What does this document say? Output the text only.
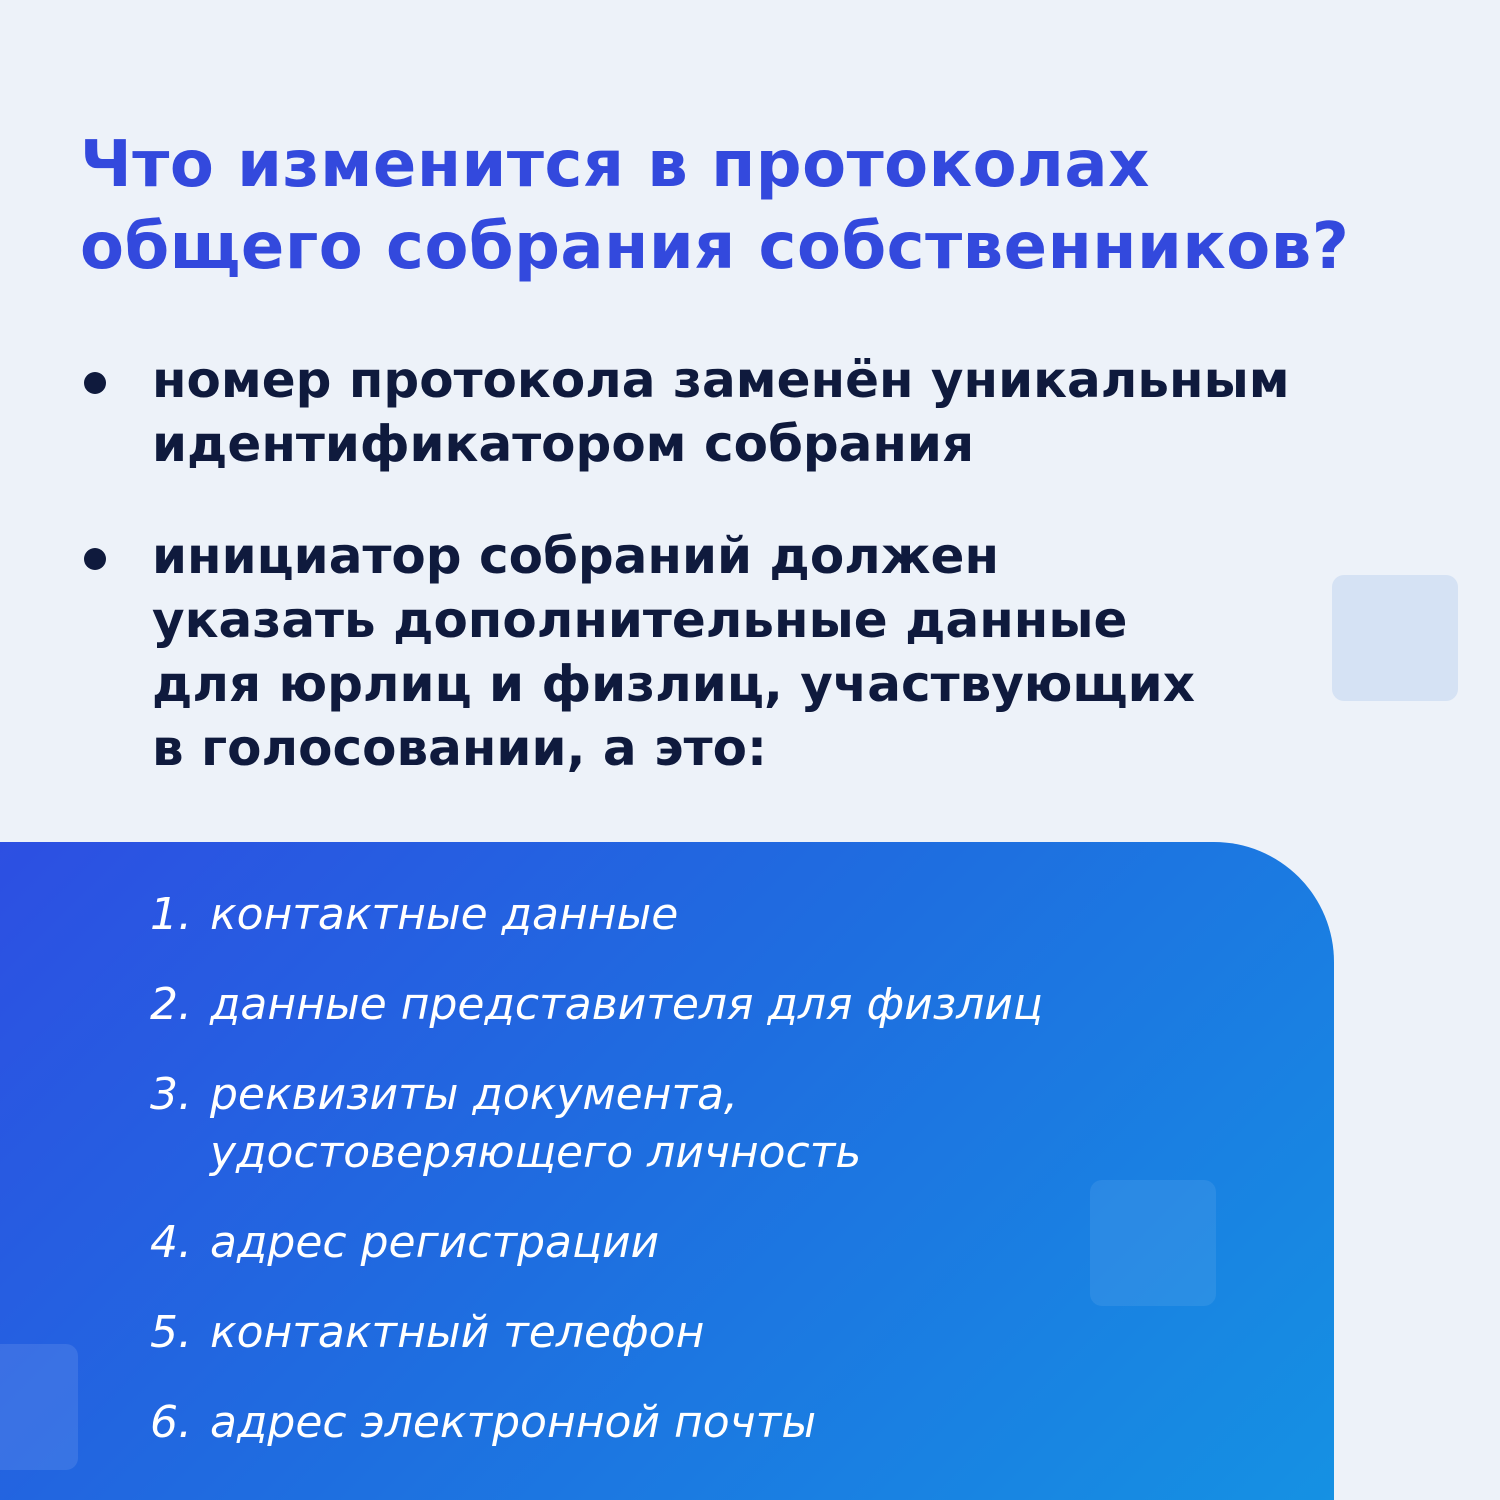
Что изменится в протоколах
общего собрания собственников?
номер протокола заменён уникальным
идентификатором собрания
инициатор собраний должен
указать дополнительные данные
для юрлиц и физлиц, участвующих
в голосовании, а это:
1. контактные данные
2. данные представителя для физлиц
3. реквизиты документа,
удостоверяющего личность
4. адрес регистрации
5. контактный телефон
6. адрес электронной почты
